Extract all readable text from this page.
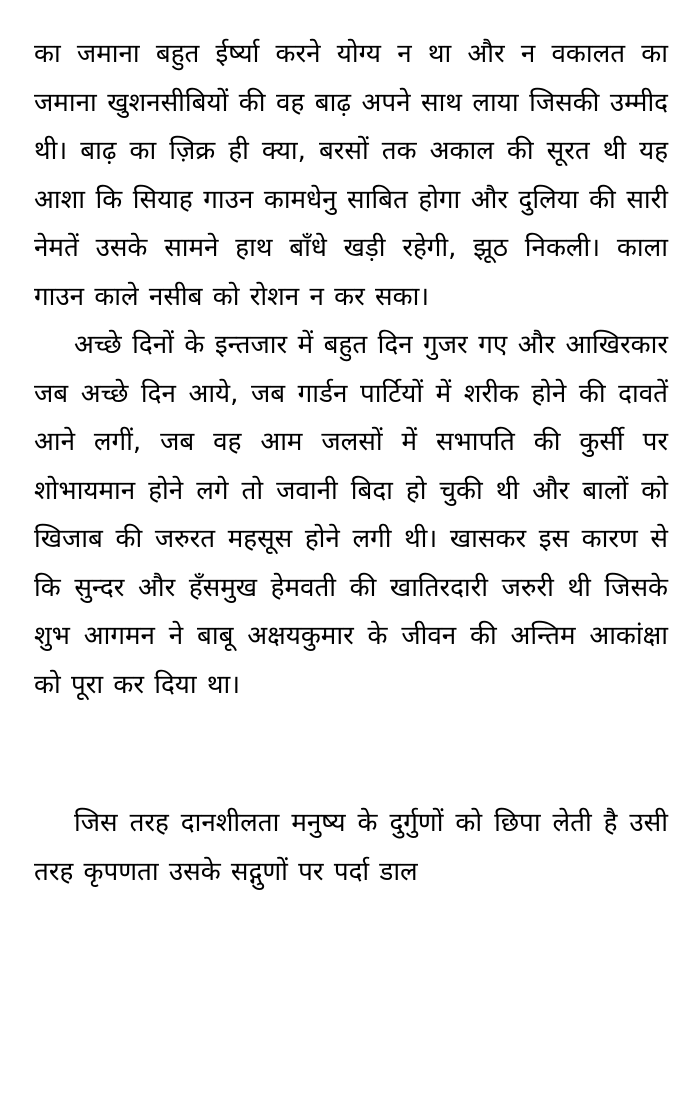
का जमाना बहुत ईर्ष्या करने योग्य न था और न वकालत का जमाना खुशनसीबियों की वह बाढ़ अपने साथ लाया जिसकी उम्मीद थी। बाढ़ का ज़िक्र ही क्या, बरसों तक अकाल की सूरत थी यह आशा कि सियाह गाउन कामधेनु साबित होगा और दुलिया की सारी नेमतें उसके सामने हाथ बाँधे खड़ी रहेगी, झूठ निकली। काला गाउन काले नसीब को रोशन न कर सका।

अच्छे दिनों के इन्तजार में बहुत दिन गुजर गए और आखिरकार जब अच्छे दिन आये, जब गार्डन पार्टियों में शरीक होने की दावतें आने लगीं, जब वह आम जलसों में सभापति की कुर्सी पर शोभायमान होने लगे तो जवानी बिदा हो चुकी थी और बालों को खिजाब की जरुरत महसूस होने लगी थी। खासकर इस कारण से कि सुन्दर और हँसमुख हेमवती की खातिरदारी जरुरी थी जिसके शुभ आगमन ने बाबू अक्षयकुमार के जीवन की अन्तिम आकांक्षा को पूरा कर दिया था।

जिस तरह दानशीलता मनुष्य के दुर्गुणों को छिपा लेती है उसी तरह कृपणता उसके सद्गुणों पर पर्दा डाल
